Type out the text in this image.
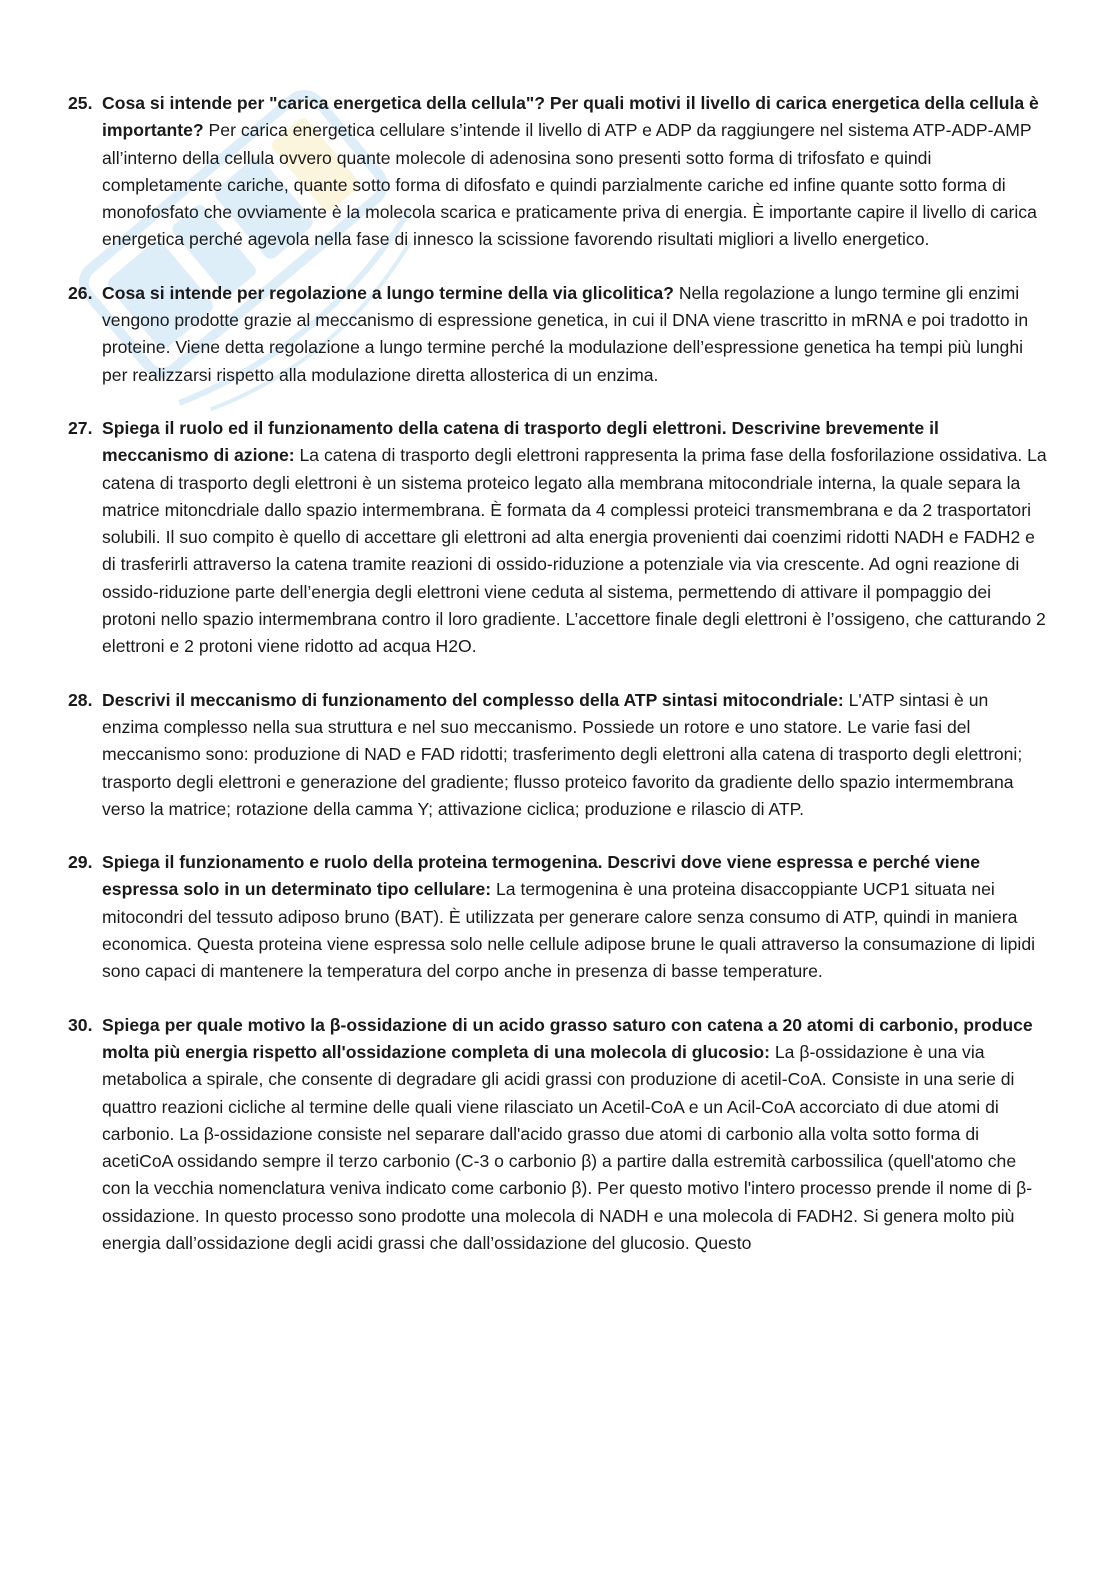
25. Cosa si intende per "carica energetica della cellula"? Per quali motivi il livello di carica energetica della cellula è importante? Per carica energetica cellulare s’intende il livello di ATP e ADP da raggiungere nel sistema ATP-ADP-AMP all’interno della cellula ovvero quante molecole di adenosina sono presenti sotto forma di trifosfato e quindi completamente cariche, quante sotto forma di difosfato e quindi parzialmente cariche ed infine quante sotto forma di monofosfato che ovviamente è la molecola scarica e praticamente priva di energia. È importante capire il livello di carica energetica perché agevola nella fase di innesco la scissione favorendo risultati migliori a livello energetico.
26. Cosa si intende per regolazione a lungo termine della via glicolitica? Nella regolazione a lungo termine gli enzimi vengono prodotte grazie al meccanismo di espressione genetica, in cui il DNA viene trascritto in mRNA e poi tradotto in proteine. Viene detta regolazione a lungo termine perché la modulazione dell’espressione genetica ha tempi più lunghi per realizzarsi rispetto alla modulazione diretta allosterica di un enzima.
27. Spiega il ruolo ed il funzionamento della catena di trasporto degli elettroni. Descrivine brevemente il meccanismo di azione: La catena di trasporto degli elettroni rappresenta la prima fase della fosforilazione ossidativa. La catena di trasporto degli elettroni è un sistema proteico legato alla membrana mitocondriale interna, la quale separa la matrice mitoncdriale dallo spazio intermembrana. È formata da 4 complessi proteici transmembrana e da 2 trasportatori solubili. Il suo compito è quello di accettare gli elettroni ad alta energia provenienti dai coenzimi ridotti NADH e FADH2 e di trasferirli attraverso la catena tramite reazioni di ossido-riduzione a potenziale via via crescente. Ad ogni reazione di ossido-riduzione parte dell’energia degli elettroni viene ceduta al sistema, permettendo di attivare il pompaggio dei protoni nello spazio intermembrana contro il loro gradiente. L’accettore finale degli elettroni è l’ossigeno, che catturando 2 elettroni e 2 protoni viene ridotto ad acqua H2O.
28. Descrivi il meccanismo di funzionamento del complesso della ATP sintasi mitocondriale: L'ATP sintasi è un enzima complesso nella sua struttura e nel suo meccanismo. Possiede un rotore e uno statore. Le varie fasi del meccanismo sono: produzione di NAD e FAD ridotti; trasferimento degli elettroni alla catena di trasporto degli elettroni; trasporto degli elettroni e generazione del gradiente; flusso proteico favorito da gradiente dello spazio intermembrana verso la matrice; rotazione della camma Y; attivazione ciclica; produzione e rilascio di ATP.
29. Spiega il funzionamento e ruolo della proteina termogenina. Descrivi dove viene espressa e perché viene espressa solo in un determinato tipo cellulare: La termogenina è una proteina disaccoppiante UCP1 situata nei mitocondri del tessuto adiposo bruno (BAT). È utilizzata per generare calore senza consumo di ATP, quindi in maniera economica. Questa proteina viene espressa solo nelle cellule adipose brune le quali attraverso la consumazione di lipidi sono capaci di mantenere la temperatura del corpo anche in presenza di basse temperature.
30. Spiega per quale motivo la β-ossidazione di un acido grasso saturo con catena a 20 atomi di carbonio, produce molta più energia rispetto all'ossidazione completa di una molecola di glucosio: La β-ossidazione è una via metabolica a spirale, che consente di degradare gli acidi grassi con produzione di acetil-CoA. Consiste in una serie di quattro reazioni cicliche al termine delle quali viene rilasciato un Acetil-CoA e un Acil-CoA accorciato di due atomi di carbonio. La β-ossidazione consiste nel separare dall'acido grasso due atomi di carbonio alla volta sotto forma di acetiCoA ossidando sempre il terzo carbonio (C-3 o carbonio β) a partire dalla estremità carbossilica (quell'atomo che con la vecchia nomenclatura veniva indicato come carbonio β). Per questo motivo l'intero processo prende il nome di β-ossidazione. In questo processo sono prodotte una molecola di NADH e una molecola di FADH2. Si genera molto più energia dall’ossidazione degli acidi grassi che dall’ossidazione del glucosio. Questo
